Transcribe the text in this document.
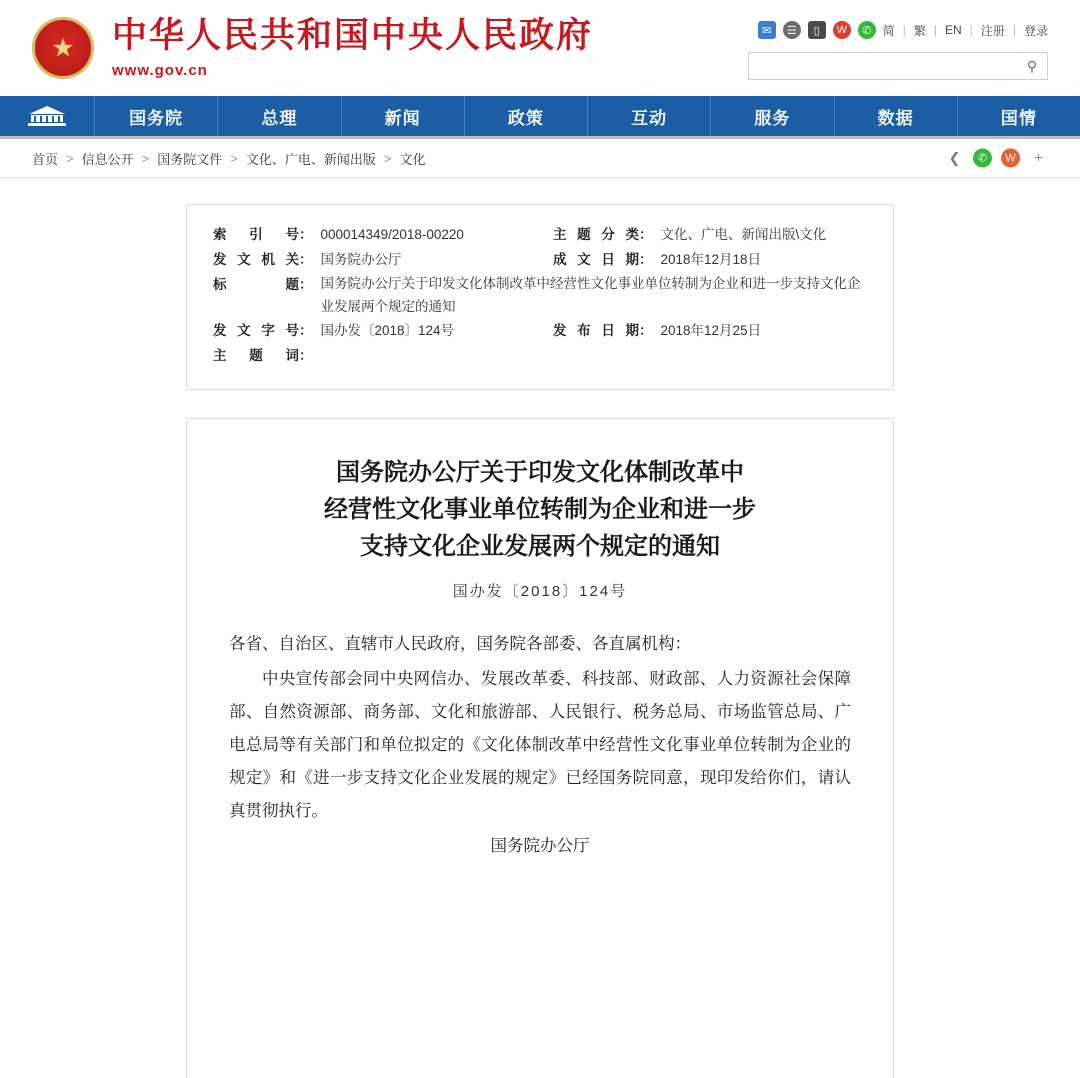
★
中华人民共和国中央人民政府
www.gov.cn
✉	☰	▯	W	✆ 简 | 繁 | EN | 注册 | 登录
⚲
国务院	总理	新闻	政策	互动	服务	数据	国情
首页 > 信息公开 > 国务院文件 > 文化、广电、新闻出版 > 文化	❮	✆	W	+
索 引 号 ： 000014349/2018-00220	主题分类 ： 文化、广电、新闻出版\文化
发文机关 ： 国务院办公厅	成文日期 ： 2018年12月18日
标　　题 ： 国务院办公厅关于印发文化体制改革中经营性文化事业单位转制为企业和进一步支持文化企业发展两个规定的通知
发文字号 ： 国办发〔2018〕124号	发布日期 ： 2018年12月25日
主 题 词 ：
国务院办公厅关于印发文化体制改革中
经营性文化事业单位转制为企业和进一步
支持文化企业发展两个规定的通知
国办发〔2018〕124号

各省、自治区、直辖市人民政府，国务院各部委、各直属机构：

中央宣传部会同中央网信办、发展改革委、科技部、财政部、人力资源社会保障部、自然资源部、商务部、文化和旅游部、人民银行、税务总局、市场监管总局、广电总局等有关部门和单位拟定的《文化体制改革中经营性文化事业单位转制为企业的规定》和《进一步支持文化企业发展的规定》已经国务院同意，现印发给你们，请认真贯彻执行。

国务院办公厅
